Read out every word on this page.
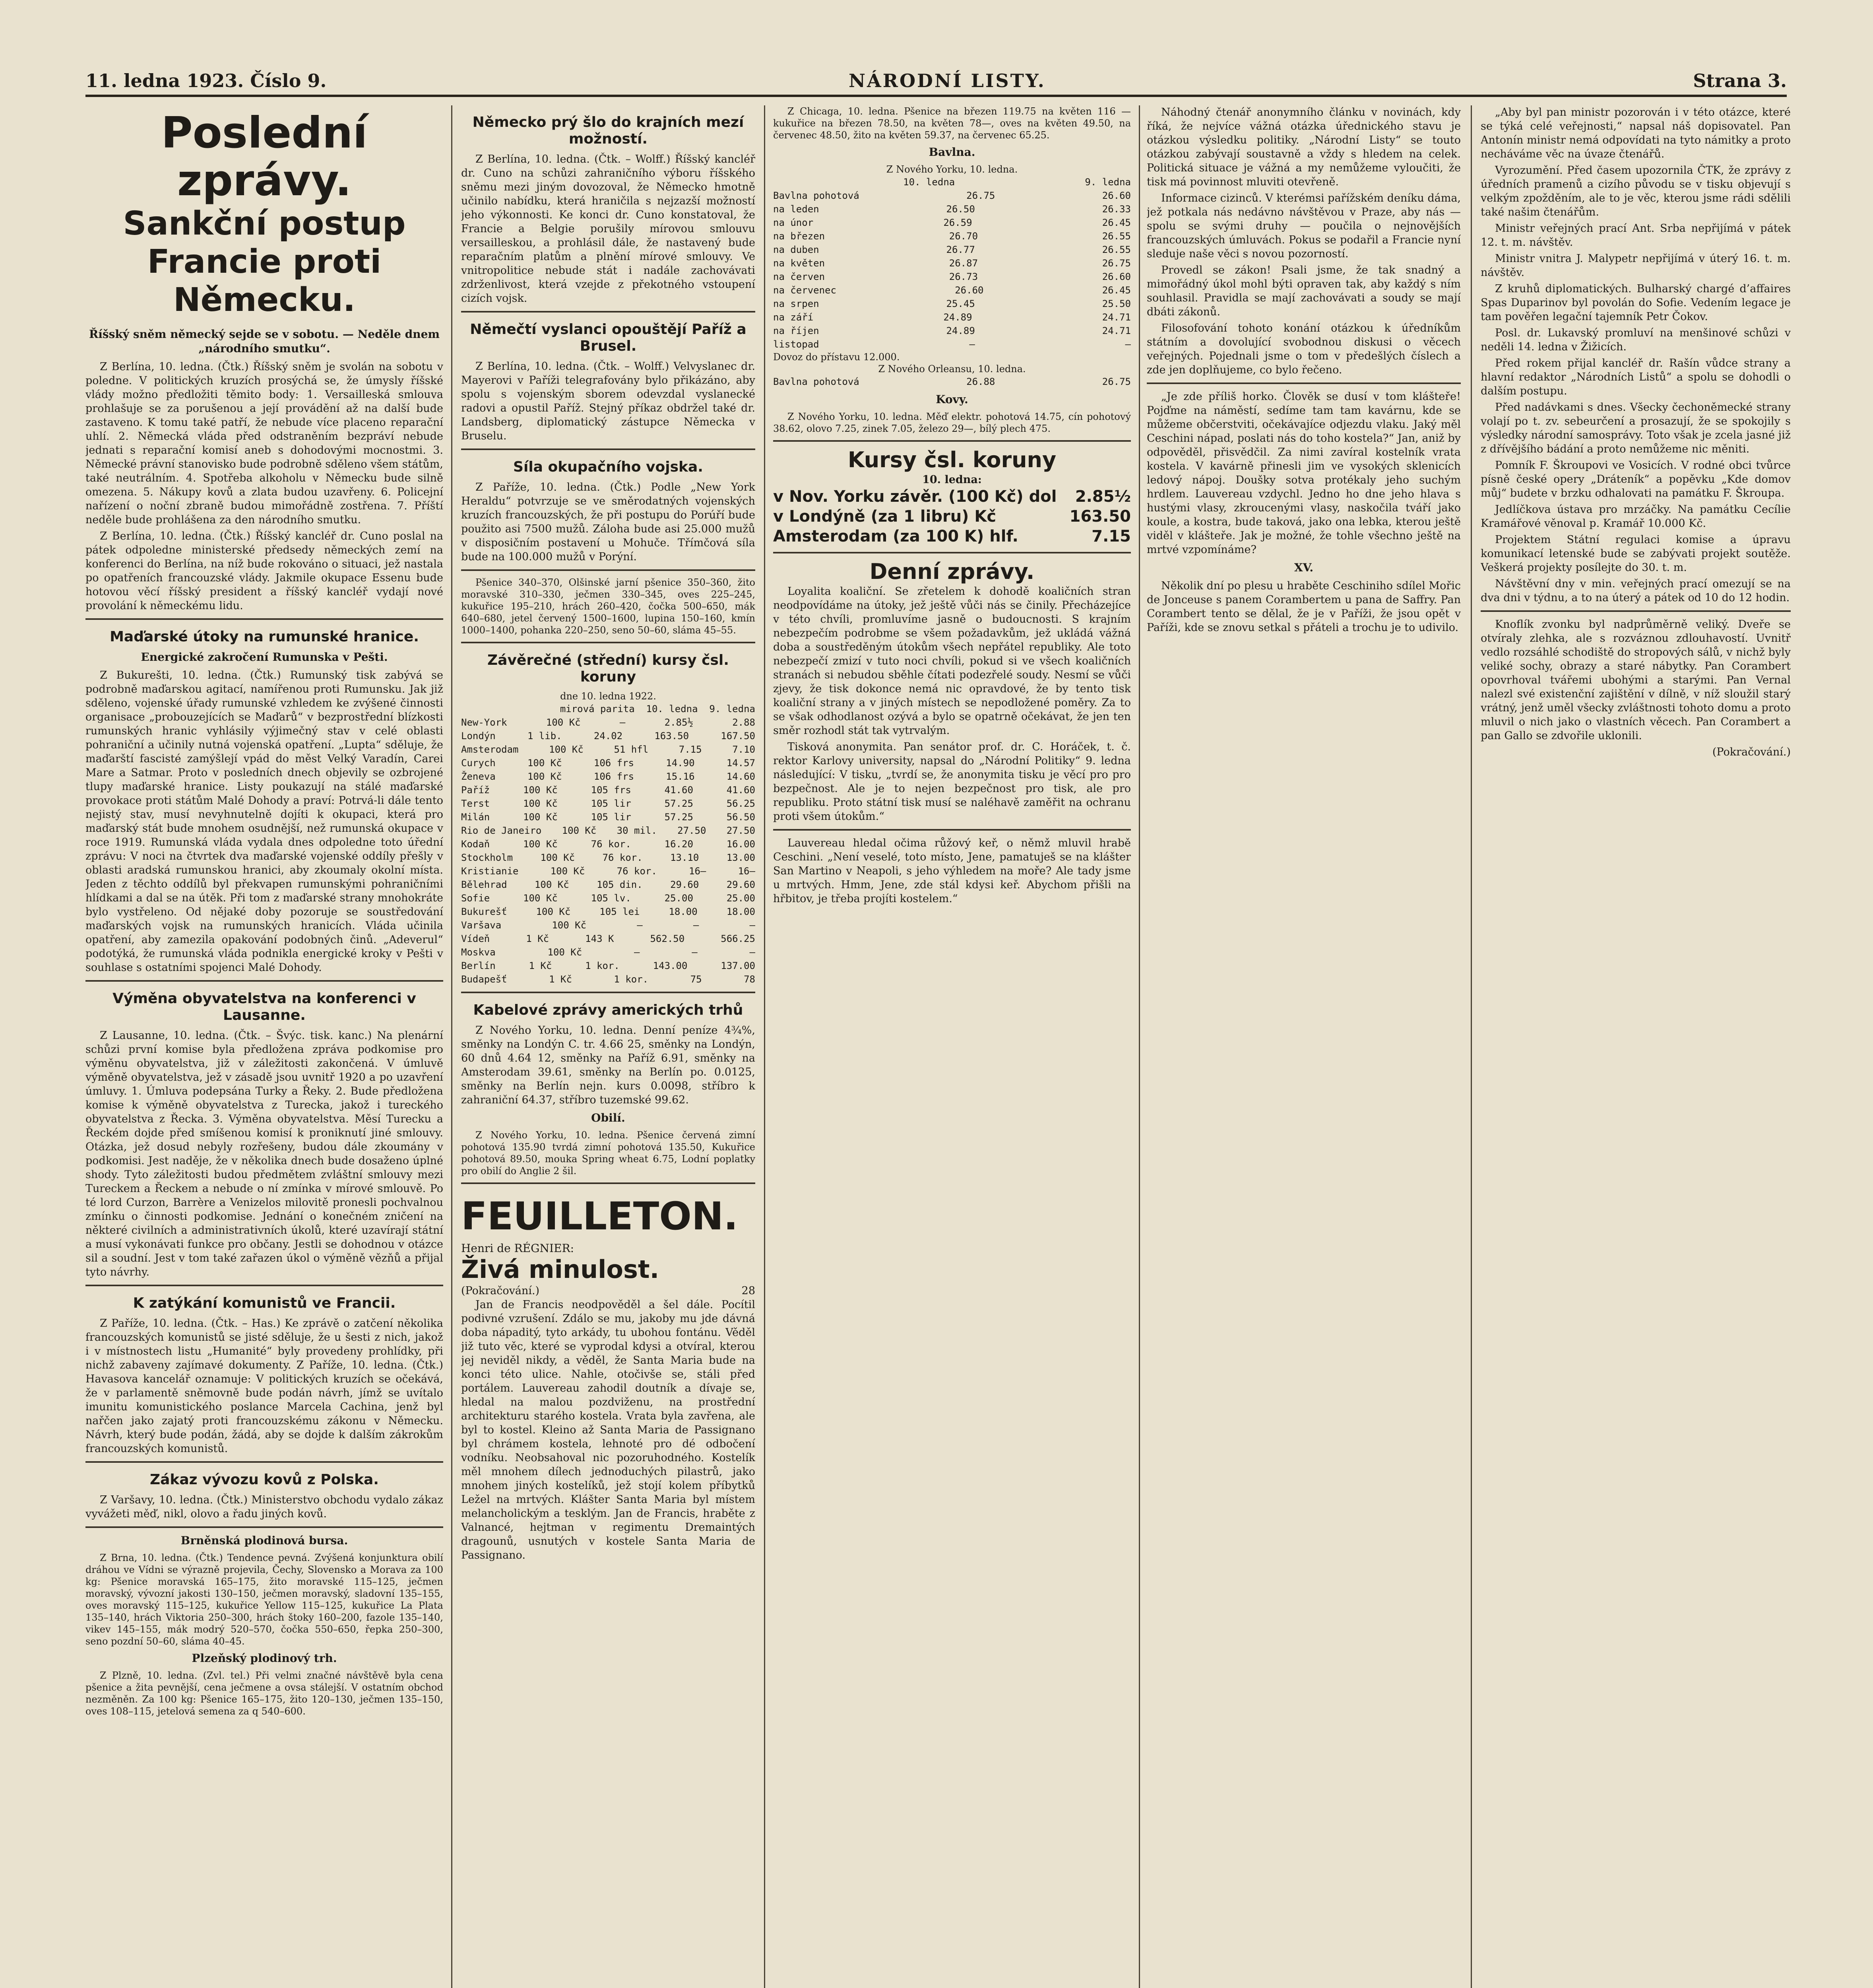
11. ledna 1923. Číslo 9.	NÁRODNÍ LISTY.	Strana 3.
Poslední zprávy.
Sankční postup Francie proti Německu.
Říšský sněm německý sejde se v sobotu. — Neděle dnem „národního smutku“.

Z Berlína, 10. ledna. (Čtk.) Říšský sněm je svolán na sobotu v poledne. V politických kruzích prosýchá se, že úmysly říšské vlády možno předložiti těmito body: 1. Versailleská smlouva prohlašuje se za porušenou a její provádění až na další bude zastaveno. K tomu také patří, že nebude více placeno reparační uhlí. 2. Německá vláda před odstraněním bezpráví nebude jednati s reparační komisí aneb s dohodovými mocnostmi. 3. Německé právní stanovisko bude podrobně sděleno všem státům, také neutrálním. 4. Spotřeba alkoholu v Německu bude silně omezena. 5. Nákupy kovů a zlata budou uzavřeny. 6. Policejní nařízení o noční zbraně budou mimořádně zostřena. 7. Příští neděle bude prohlášena za den národního smutku.

Z Berlína, 10. ledna. (Čtk.) Říšský kancléř dr. Cuno poslal na pátek odpoledne ministerské předsedy německých zemí na konferenci do Berlína, na níž bude rokováno o situaci, jež nastala po opatřeních francouzské vlády. Jakmile okupace Essenu bude hotovou věcí říšský president a říšský kancléř vydají nové provolání k německému lidu.

Maďarské útoky na rumunské hranice.
Energické zakročení Rumunska v Pešti.

Z Bukurešti, 10. ledna. (Čtk.) Rumunský tisk zabývá se podrobně maďarskou agitací, namířenou proti Rumunsku. Jak již sděleno, vojenské úřady rumunské vzhledem ke zvýšené činnosti organisace „probouzejících se Maďarů“ v bezprostřední blízkosti rumunských hranic vyhlásily výjimečný stav v celé oblasti pohraniční a učinily nutná vojenská opatření. „Lupta“ sděluje, že maďarští fascisté zamýšlejí vpád do měst Velký Varadín, Carei Mare a Satmar. Proto v posledních dnech objevily se ozbrojené tlupy maďarské hranice. Listy poukazují na stálé maďarské provokace proti státům Malé Dohody a praví: Potrvá-li dále tento nejistý stav, musí nevyhnutelně dojíti k okupaci, která pro maďarský stát bude mnohem osudnější, než rumunská okupace v roce 1919. Rumunská vláda vydala dnes odpoledne toto úřední zprávu: V noci na čtvrtek dva maďarské vojenské oddíly přešly v oblasti aradská rumunskou hranici, aby zkoumaly okolní místa. Jeden z těchto oddílů byl překvapen rumunskými pohraničními hlídkami a dal se na útěk. Při tom z maďarské strany mnohokráte bylo vystřeleno. Od nějaké doby pozoruje se soustředování maďarských vojsk na rumunských hranicích. Vláda učinila opatření, aby zamezila opakování podobných činů. „Adeverul“ podotýká, že rumunská vláda podnikla energické kroky v Pešti v souhlase s ostatními spojenci Malé Dohody.

Výměna obyvatelstva na konferenci v Lausanne.

Z Lausanne, 10. ledna. (Čtk. – Švýc. tisk. kanc.) Na plenární schůzi první komise byla předložena zpráva podkomise pro výměnu obyvatelstva, již v záležitosti zakončená. V úmluvě výměně obyvatelstva, jež v zásadě jsou uvnitř 1920 a po uzavření úmluvy. 1. Úmluva podepsána Turky a Řeky. 2. Bude předložena komise k výměně obyvatelstva z Turecka, jakož i tureckého obyvatelstva z Řecka. 3. Výměna obyvatelstva. Měsí Turecku a Řeckém dojde před smíšenou komisí k proniknutí jiné smlouvy. Otázka, jež dosud nebyly rozřešeny, budou dále zkoumány v podkomisi. Jest naděje, že v několika dnech bude dosaženo úplné shody. Tyto záležitosti budou předmětem zvláštní smlouvy mezi Tureckem a Řeckem a nebude o ní zmínka v mírové smlouvě. Po té lord Curzon, Barrère a Venizelos milovitě pronesli pochvalnou zmínku o činnosti podkomise. Jednání o konečném zničení na některé civilních a administrativních úkolů, které uzavírají státní a musí vykonávati funkce pro občany. Jestli se dohodnou v otázce sil a soudní. Jest v tom také zařazen úkol o výměně vězňů a přijal tyto návrhy.

K zatýkání komunistů ve Francii.

Z Paříže, 10. ledna. (Čtk. – Has.) Ke zprávě o zatčení několika francouzských komunistů se jisté sděluje, že u šesti z nich, jakož i v místnostech listu „Humanité“ byly provedeny prohlídky, při nichž zabaveny zajímavé dokumenty. Z Paříže, 10. ledna. (Čtk.) Havasova kancelář oznamuje: V politických kruzích se očekává, že v parlamentě sněmovně bude podán návrh, jímž se uvítalo imunitu komunistického poslance Marcela Cachina, jenž byl nařčen jako zajatý proti francouzskému zákonu v Německu. Návrh, který bude podán, žádá, aby se dojde k dalším zákrokům francouzských komunistů.

Zákaz vývozu kovů z Polska.

Z Varšavy, 10. ledna. (Čtk.) Ministerstvo obchodu vydalo zákaz vyvážeti měď, nikl, olovo a řadu jiných kovů.

Brněnská plodinová bursa.

Z Brna, 10. ledna. (Čtk.) Tendence pevná. Zvýšená konjunktura obilí dráhou ve Vídni se výrazně projevila, Čechy, Slovensko a Morava za 100 kg: Pšenice moravská 165–175, žito moravské 115–125, ječmen moravský, vývozní jakosti 130–150, ječmen moravský, sladovní 135–155, oves moravský 115–125, kukuřice Yellow 115–125, kukuřice La Plata 135–140, hrách Viktoria 250–300, hrách štoky 160–200, fazole 135–140, vikev 145–155, mák modrý 520–570, čočka 550–650, řepka 250–300, seno pozdní 50–60, sláma 40–45.

Plzeňský plodinový trh.

Z Plzně, 10. ledna. (Zvl. tel.) Při velmi značné návštěvě byla cena pšenice a žita pevnější, cena ječmene a ovsa stálejší. V ostatním obchod nezměněn. Za 100 kg: Pšenice 165–175, žito 120–130, ječmen 135–150, oves 108–115, jetelová semena za q 540–600.

Německo prý šlo do krajních mezí možností.

Z Berlína, 10. ledna. (Čtk. – Wolff.) Říšský kancléř dr. Cuno na schůzi zahraničního výboru říšského sněmu mezi jiným dovozoval, že Německo hmotně učinilo nabídku, která hraničila s nejzazší možností jeho výkonnosti. Ke konci dr. Cuno konstatoval, že Francie a Belgie porušily mírovou smlouvu versailleskou, a prohlásil dále, že nastavený bude reparačním platům a plnění mírové smlouvy. Ve vnitropolitice nebude stát i nadále zachovávati zdrženlivost, která vzejde z překotného vstoupení cizích vojsk.

Němečtí vyslanci opouštějí Paříž a Brusel.

Z Berlína, 10. ledna. (Čtk. – Wolff.) Velvyslanec dr. Mayerovi v Paříži telegrafovány bylo přikázáno, aby spolu s vojenským sborem odevzdal vyslanecké radovi a opustil Paříž. Stejný příkaz obdržel také dr. Landsberg, diplomatický zástupce Německa v Bruselu.

Síla okupačního vojska.

Z Paříže, 10. ledna. (Čtk.) Podle „New York Heraldu“ potvrzuje se ve směrodatných vojenských kruzích francouzských, že při postupu do Porúří bude použito asi 7500 mužů. Záloha bude asi 25.000 mužů v disposičním postavení u Mohuče. Třímčová síla bude na 100.000 mužů v Porýní.

Pšenice 340–370, Olšinské jarní pšenice 350–360, žito moravské 310–330, ječmen 330–345, oves 225–245, kukuřice 195–210, hrách 260–420, čočka 500–650, mák 640–680, jetel červený 1500–1600, lupina 150–160, kmín 1000–1400, pohanka 220–250, seno 50–60, sláma 45–55.

Závěrečné (střední) kursy čsl. koruny
dne 10. ledna 1922.
mirová parita 10. ledna 9. ledna
New-York	100 Kč	—	2.85½	2.88
Londýn	1 lib.	24.02	163.50	167.50
Amsterodam	100 Kč	51 hfl	7.15	7.10
Curych	100 Kč	106 frs	14.90	14.57
Ženeva	100 Kč	106 frs	15.16	14.60
Paříž	100 Kč	105 frs	41.60	41.60
Terst	100 Kč	105 lir	57.25	56.25
Milán	100 Kč	105 lir	57.25	56.50
Rio de Janeiro 100 Kč 30 mil. 27.50 27.50
Kodaň	100 Kč	76 kor.	16.20	16.00
Stockholm	100 Kč	76 kor.	13.10	13.00
Kristianie	100 Kč	76 kor.	16—	16—
Bělehrad	100 Kč	105 din.	29.60	29.60
Sofie	100 Kč	105 lv.	25.00	25.00
Bukurešť	100 Kč	105 lei	18.00	18.00
Varšava	100 Kč	—	—	—
Vídeň	1 Kč	143 K	562.50	566.25
Moskva	100 Kč	—	—	—
Berlín	1 Kč	1 kor.	143.00	137.00
Budapešť	1 Kč	1 kor.	75	78
Kabelové zprávy amerických trhů

Z Nového Yorku, 10. ledna. Denní peníze 4¾%, směnky na Londýn C. tr. 4.66 25, směnky na Londýn, 60 dnů 4.64 12, směnky na Paříž 6.91, směnky na Amsterodam 39.61, směnky na Berlín po. 0.0125, směnky na Berlín nejn. kurs 0.0098, stříbro k zahraniční 64.37, stříbro tuzemské 99.62.

Obilí.

Z Nového Yorku, 10. ledna. Pšenice červená zimní pohotová 135.90 tvrdá zimní pohotová 135.50, Kukuřice pohotová 89.50, mouka Spring wheat 6.75, Lodní poplatky pro obilí do Anglie 2 šil.

FEUILLETON.
Henri de RÉGNIER:
Živá minulost.
(Pokračování.)	28

Jan de Francis neodpověděl a šel dále. Pocítil podivné vzrušení. Zdálo se mu, jakoby mu jde dávná doba nápaditý, tyto arkády, tu ubohou fontánu. Věděl již tuto věc, které se vyprodal kdysi a otvíral, kterou jej neviděl nikdy, a věděl, že Santa Maria bude na konci této ulice. Nahle, otočivše se, stáli před portálem. Lauvereau zahodil doutník a dívaje se, hledal na malou pozdviženu, na prostřední architekturu starého kostela. Vrata byla zavřena, ale byl to kostel. Kleino až Santa Maria de Passignano byl chrámem kostela, lehnoté pro dé odbočení vodníku. Neobsahoval nic pozoruhodného. Kostelík měl mnohem dílech jednoduchých pilastrů, jako mnohem jiných kostelíků, jež stojí kolem příbytků Ležel na mrtvých. Klášter Santa Maria byl místem melancholickým a tesklým. Jan de Francis, hraběte z Valnancé, hejtman v regimentu Dremaintých dragounů, usnutých v kostele Santa Maria de Passignano.

Z Chicaga, 10. ledna. Pšenice na březen 119.75 na květen 116 — kukuřice na březen 78.50, na květen 78—, oves na květen 49.50, na červenec 48.50, žito na květen 59.37, na červenec 65.25.

Bavlna.
Z Nového Yorku, 10. ledna.
10. ledna	9. ledna
Bavlna pohotová	26.75	26.60
na leden	26.50	26.33
na únor	26.59	26.45
na březen	26.70	26.55
na duben	26.77	26.55
na květen	26.87	26.75
na červen	26.73	26.60
na červenec	26.60	26.45
na srpen	25.45	25.50
na září	24.89	24.71
na říjen	24.89	24.71
listopad	—	—
Dovoz do přístavu 12.000.
Z Nového Orleansu, 10. ledna.
Bavlna pohotová	26.88	26.75
Kovy.

Z Nového Yorku, 10. ledna. Měď elektr. pohotová 14.75, cín pohotový 38.62, olovo 7.25, zinek 7.05, železo 29—, bílý plech 475.

Kursy čsl. koruny
10. ledna:
v Nov. Yorku závěr. (100 Kč) dol 2.85½
v Londýně (za 1 libru) Kč	163.50
Amsterodam (za 100 K) hlf.	7.15
Denní zprávy.

Loyalita koaliční. Se zřetelem k dohodě koaličních stran neodpovídáme na útoky, jež ještě vůči nás se činily. Přecházejíce v této chvíli, promluvíme jasně o budoucnosti. S krajním nebezpečím podrobme se všem požadavkům, jež ukládá vážná doba a soustředěným útokům všech nepřátel republiky. Ale toto nebezpečí zmizí v tuto noci chvíli, pokud si ve všech koaličních stranách si nebudou sběhle čítati podezřelé soudy. Nesmí se vůči zjevy, že tisk dokonce nemá nic opravdové, že by tento tisk koaliční strany a v jiných místech se nepodložené poměry. Za to se však odhodlanost ozývá a bylo se opatrně očekávat, že jen ten směr rozhodl stát tak vytrvalým.

Tisková anonymita. Pan senátor prof. dr. C. Horáček, t. č. rektor Karlovy university, napsal do „Národní Politiky“ 9. ledna následující: V tisku, „tvrdí se, že anonymita tisku je věcí pro pro bezpečnost. Ale je to nejen bezpečnost pro tisk, ale pro republiku. Proto státní tisk musí se naléhavě zaměřit na ochranu proti všem útokům.“

Lauvereau hledal očima růžový keř, o němž mluvil hrabě Ceschini. „Není veselé, toto místo, Jene, pamatuješ se na klášter San Martino v Neapoli, s jeho výhledem na moře? Ale tady jsme u mrtvých. Hmm, Jene, zde stál kdysi keř. Abychom přišli na hřbitov, je třeba projíti kostelem.“

Náhodný čtenář anonymního článku v novinách, kdy říká, že nejvíce vážná otázka úřednického stavu je otázkou výsledku politiky. „Národní Listy“ se touto otázkou zabývají soustavně a vždy s hledem na celek. Politická situace je vážná a my nemůžeme vyloučiti, že tisk má povinnost mluviti otevřeně.

Informace cizinců. V kterémsi pařížském deníku dáma, jež potkala nás nedávno návštěvou v Praze, aby nás — spolu se svými druhy — poučila o nejnovějších francouzských úmluvách. Pokus se podařil a Francie nyní sleduje naše věci s novou pozorností.

Provedl se zákon! Psali jsme, že tak snadný a mimořádný úkol mohl býti opraven tak, aby každý s ním souhlasil. Pravidla se mají zachovávati a soudy se mají dbáti zákonů.

Filosofování tohoto konání otázkou k úředníkům státním a dovolující svobodnou diskusi o věcech veřejných. Pojednali jsme o tom v předešlých číslech a zde jen doplňujeme, co bylo řečeno.

„Je zde příliš horko. Člověk se dusí v tom klášteře! Pojďme na náměstí, sedíme tam tam kavárnu, kde se můžeme občerstviti, očekávajíce odjezdu vlaku. Jaký měl Ceschini nápad, poslati nás do toho kostela?“ Jan, aniž by odpověděl, přisvědčil. Za nimi zavíral kostelník vrata kostela. V kavárně přinesli jim ve vysokých sklenicích ledový nápoj. Doušky sotva protékaly jeho suchým hrdlem. Lauvereau vzdychl. Jedno ho dne jeho hlava s hustými vlasy, zkroucenými vlasy, naskočila tváří jako koule, a kostra, bude taková, jako ona lebka, kterou ještě viděl v klášteře. Jak je možné, že tohle všechno ještě na mrtvé vzpomínáme?

XV.

Několik dní po plesu u hraběte Ceschiniho sdílel Mořic de Jonceuse s panem Corambertem u pana de Saffry. Pan Corambert tento se dělal, že je v Paříži, že jsou opět v Paříži, kde se znovu setkal s přáteli a trochu je to udivilo.

„Aby byl pan ministr pozorován i v této otázce, které se týká celé veřejnosti,“ napsal náš dopisovatel. Pan Antonín ministr nemá odpovídati na tyto námitky a proto necháváme věc na úvaze čtenářů.

Vyrozumění. Před časem upozornila ČTK, že zprávy z úředních pramenů a cizího původu se v tisku objevují s velkým zpožděním, ale to je věc, kterou jsme rádi sdělili také našim čtenářům.

Ministr veřejných prací Ant. Srba nepřijímá v pátek 12. t. m. návštěv.

Ministr vnitra J. Malypetr nepřijímá v úterý 16. t. m. návštěv.

Z kruhů diplomatických. Bulharský chargé d’affaires Spas Duparinov byl povolán do Sofie. Vedením legace je tam pověřen legační tajemník Petr Čokov.

Posl. dr. Lukavský promluví na menšinové schůzi v neděli 14. ledna v Žižicích.

Před rokem přijal kancléř dr. Rašín vůdce strany a hlavní redaktor „Národních Listů“ a spolu se dohodli o dalším postupu.

Před nadávkami s dnes. Všecky čechoněmecké strany volají po t. zv. sebeurčení a prosazují, že se spokojily s výsledky národní samosprávy. Toto však je zcela jasné již z dřívějšího bádání a proto nemůžeme nic měniti.

Pomník F. Škroupovi ve Vosicích. V rodné obci tvůrce písně české opery „Dráteník“ a popěvku „Kde domov můj“ budete v brzku odhalovati na památku F. Škroupa.

Jedlíčkova ústava pro mrzáčky. Na památku Cecílie Kramářové věnoval p. Kramář 10.000 Kč.

Projektem Státní regulaci komise a úpravu komunikací letenské bude se zabývati projekt soutěže. Veškerá projekty posílejte do 30. t. m.

Návštěvní dny v min. veřejných prací omezují se na dva dni v týdnu, a to na úterý a pátek od 10 do 12 hodin.

Knoflík zvonku byl nadprůměrně veliký. Dveře se otvíraly zlehka, ale s rozváznou zdlouhavostí. Uvnitř vedlo rozsáhlé schodiště do stropových sálů, v nichž byly veliké sochy, obrazy a staré nábytky. Pan Corambert opovrhoval tvářemi ubohými a starými. Pan Vernal nalezl své existenční zajištění v dílně, v níž sloužil starý vrátný, jenž uměl všecky zvláštnosti tohoto domu a proto mluvil o nich jako o vlastních věcech. Pan Corambert a pan Gallo se zdvořile uklonili.

(Pokračování.)
